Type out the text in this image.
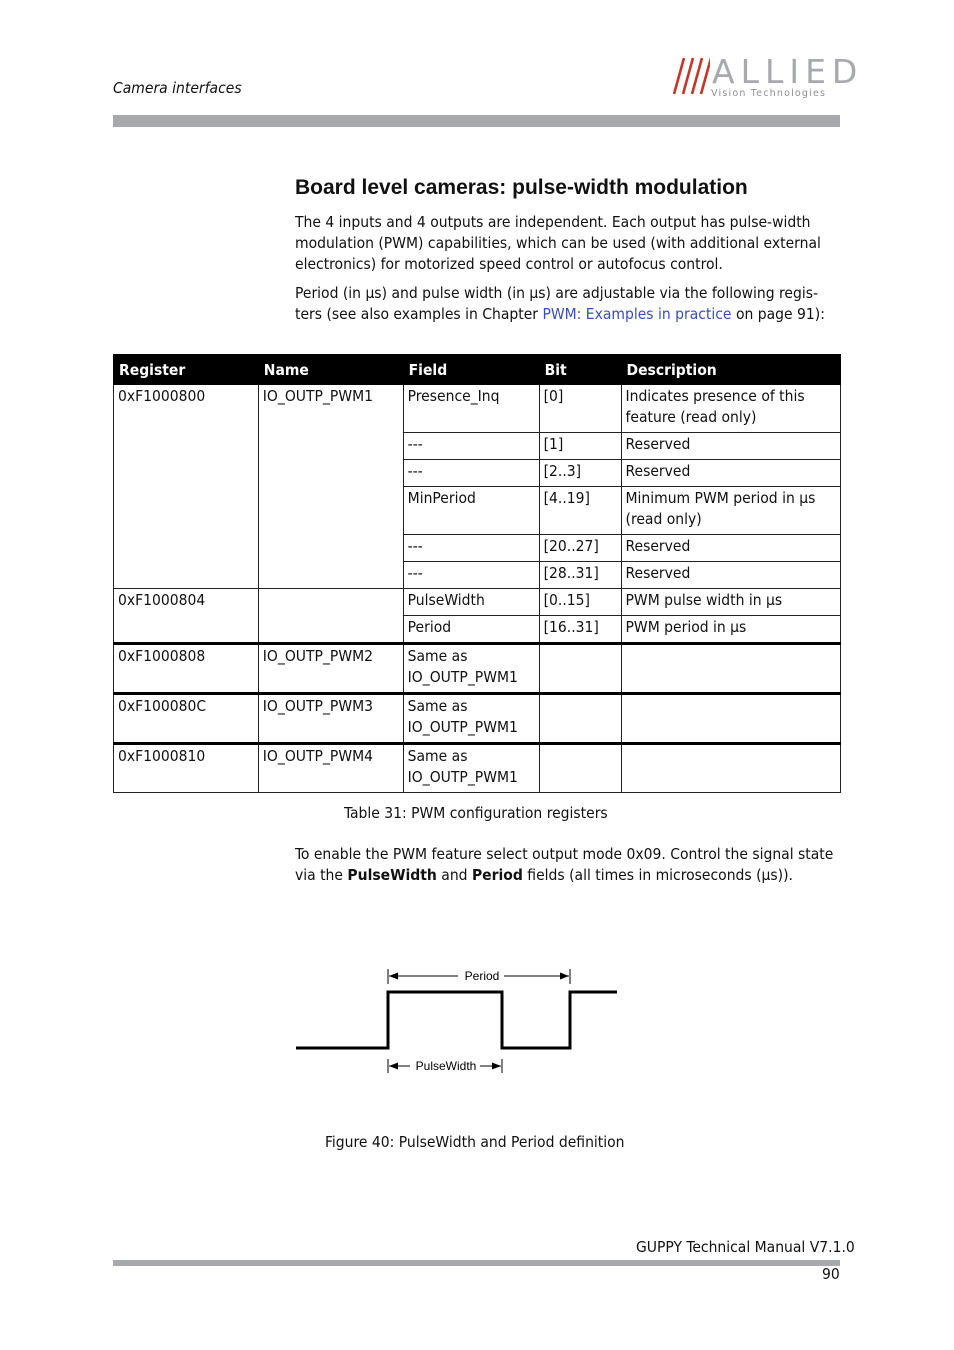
Camera interfaces	ALLIED
Vision Technologies
Board level cameras: pulse-width modulation
The 4 inputs and 4 outputs are independent. Each output has pulse-width modulation (PWM) capabilities, which can be used (with additional external electronics) for motorized speed control or autofocus control.
Period (in µs) and pulse width (in µs) are adjustable via the following regis-ters (see also examples in Chapter PWM: Examples in practice on page 91):
Register	Name	Field	Bit	Description
0xF1000800	IO_OUTP_PWM1	Presence_Inq	[0]	Indicates presence of this feature (read only)
		---	[1]	Reserved
		---	[2..3]	Reserved
		MinPeriod	[4..19]	Minimum PWM period in µs (read only)
		---	[20..27]	Reserved
		---	[28..31]	Reserved
0xF1000804		PulseWidth	[0..15]	PWM pulse width in µs
		Period	[16..31]	PWM period in µs
0xF1000808	IO_OUTP_PWM2	Same as IO_OUTP_PWM1		
0xF100080C	IO_OUTP_PWM3	Same as IO_OUTP_PWM1		
0xF1000810	IO_OUTP_PWM4	Same as IO_OUTP_PWM1		
Table 31: PWM configuration registers
To enable the PWM feature select output mode 0x09. Control the signal state via the PulseWidth and Period fields (all times in microseconds (µs)).
Period
PulseWidth
Figure 40: PulseWidth and Period definition
GUPPY Technical Manual V7.1.0
90
